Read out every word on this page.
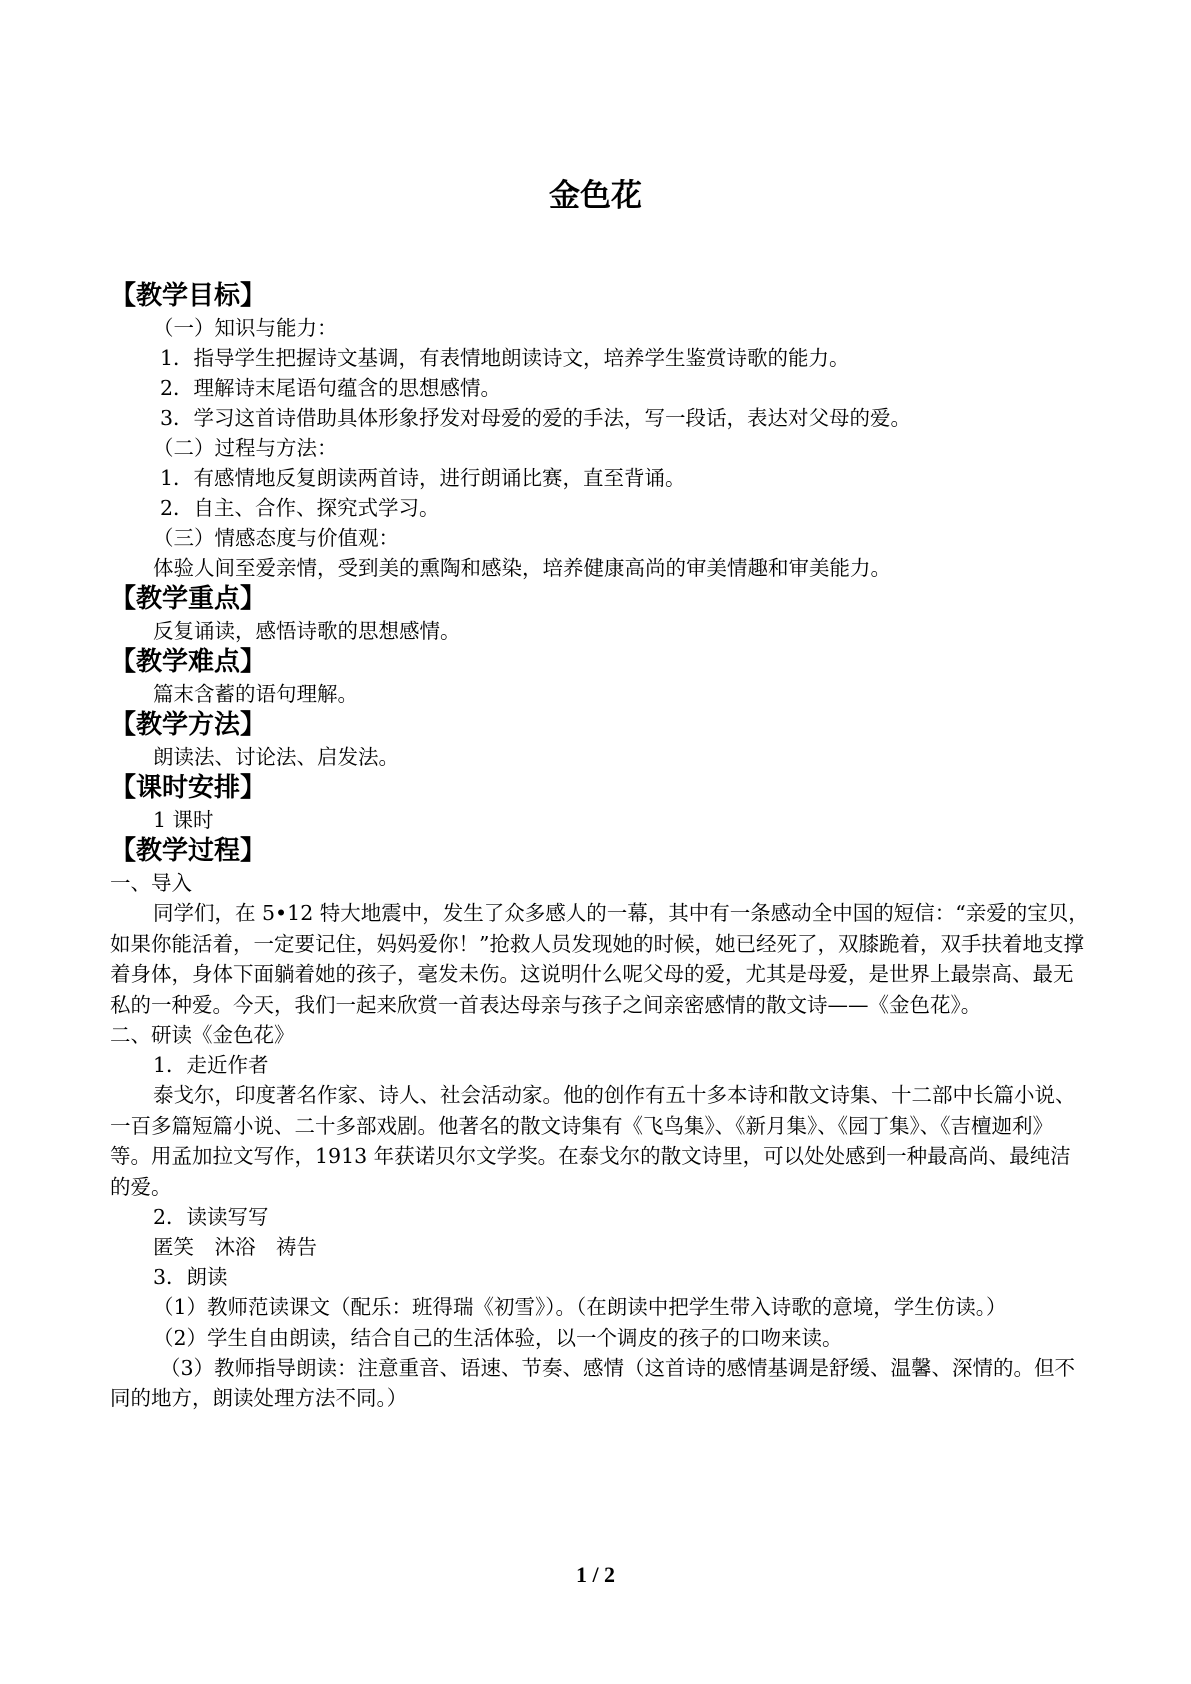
金色花
【教学目标】
（一）知识与能力：
1．指导学生把握诗文基调，有表情地朗读诗文，培养学生鉴赏诗歌的能力。
2．理解诗末尾语句蕴含的思想感情。
3．学习这首诗借助具体形象抒发对母爱的爱的手法，写一段话，表达对父母的爱。
（二）过程与方法：
1．有感情地反复朗读两首诗，进行朗诵比赛，直至背诵。
2．自主、合作、探究式学习。
（三）情感态度与价值观：
体验人间至爱亲情，受到美的熏陶和感染，培养健康高尚的审美情趣和审美能力。
【教学重点】
反复诵读，感悟诗歌的思想感情。
【教学难点】
篇末含蓄的语句理解。
【教学方法】
朗读法、讨论法、启发法。
【课时安排】
1 课时
【教学过程】
一、导入
同学们，在 5•12 特大地震中，发生了众多感人的一幕，其中有一条感动全中国的短信：“亲爱的宝贝，如果你能活着，一定要记住，妈妈爱你！”抢救人员发现她的时候，她已经死了，双膝跪着，双手扶着地支撑着身体，身体下面躺着她的孩子，毫发未伤。这说明什么呢父母的爱，尤其是母爱，是世界上最崇高、最无私的一种爱。今天，我们一起来欣赏一首表达母亲与孩子之间亲密感情的散文诗——《金色花》。
二、研读《金色花》
1．走近作者
泰戈尔，印度著名作家、诗人、社会活动家。他的创作有五十多本诗和散文诗集、十二部中长篇小说、一百多篇短篇小说、二十多部戏剧。他著名的散文诗集有《飞鸟集》、《新月集》、《园丁集》、《吉檀迦利》等。用孟加拉文写作，1913 年获诺贝尔文学奖。在泰戈尔的散文诗里，可以处处感到一种最高尚、最纯洁的爱。
2．读读写写
匿笑　沐浴　祷告
3．朗读
（1）教师范读课文（配乐：班得瑞《初雪》）。（在朗读中把学生带入诗歌的意境，学生仿读。）
（2）学生自由朗读，结合自己的生活体验，以一个调皮的孩子的口吻来读。
（3）教师指导朗读：注意重音、语速、节奏、感情（这首诗的感情基调是舒缓、温馨、深情的。但不同的地方，朗读处理方法不同。）
1 / 2
